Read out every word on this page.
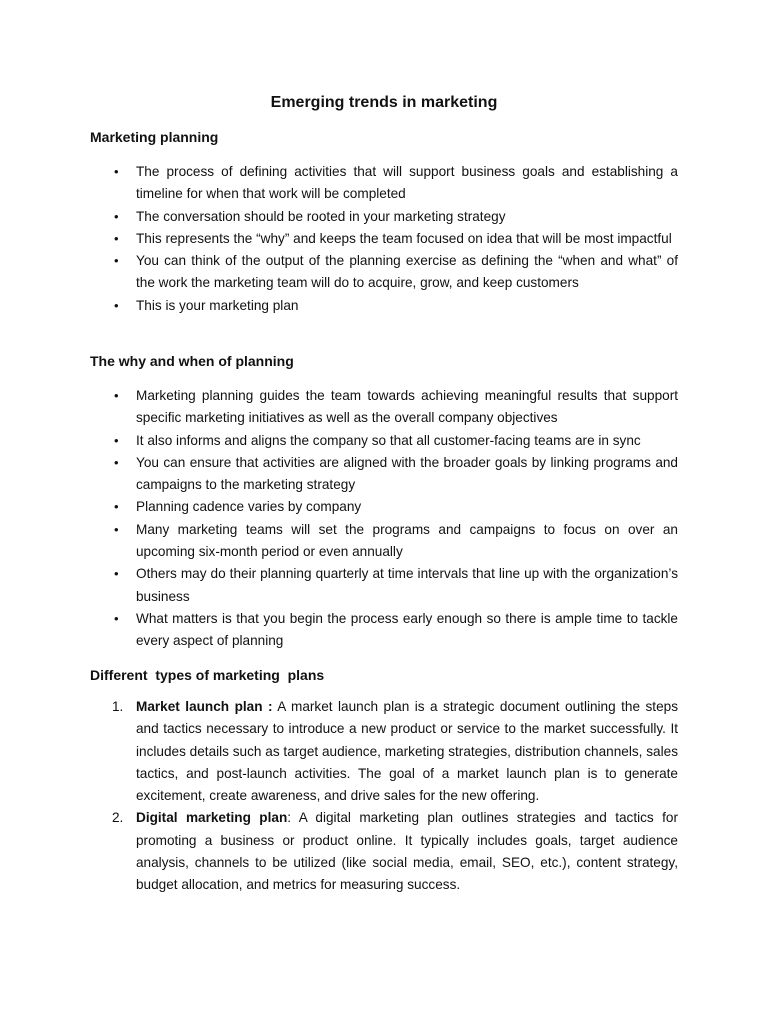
Emerging trends in marketing
Marketing planning
• The process of defining activities that will support business goals and establishing a timeline for when that work will be completed
• The conversation should be rooted in your marketing strategy
• This represents the “why” and keeps the team focused on idea that will be most impactful
• You can think of the output of the planning exercise as defining the “when and what” of the work the marketing team will do to acquire, grow, and keep customers
• This is your marketing plan
The why and when of planning
• Marketing planning guides the team towards achieving meaningful results that support specific marketing initiatives as well as the overall company objectives
• It also informs and aligns the company so that all customer-facing teams are in sync
• You can ensure that activities are aligned with the broader goals by linking programs and campaigns to the marketing strategy
• Planning cadence varies by company
• Many marketing teams will set the programs and campaigns to focus on over an upcoming six-month period or even annually
• Others may do their planning quarterly at time intervals that line up with the organization’s business
• What matters is that you begin the process early enough so there is ample time to tackle every aspect of planning
Different  types of marketing  plans
1. Market launch plan : A market launch plan is a strategic document outlining the steps and tactics necessary to introduce a new product or service to the market successfully. It includes details such as target audience, marketing strategies, distribution channels, sales tactics, and post-launch activities. The goal of a market launch plan is to generate excitement, create awareness, and drive sales for the new offering.
2. Digital marketing plan: A digital marketing plan outlines strategies and tactics for promoting a business or product online. It typically includes goals, target audience analysis, channels to be utilized (like social media, email, SEO, etc.), content strategy, budget allocation, and metrics for measuring success.
